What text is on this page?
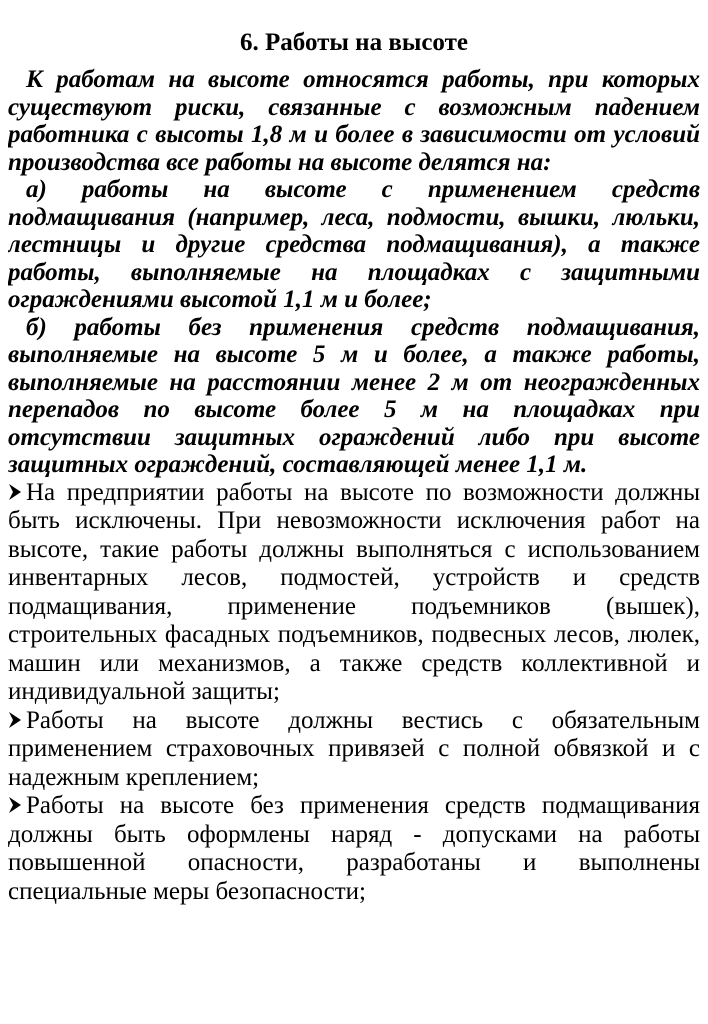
6. Работы на высоте

К работам на высоте относятся работы, при которых существуют риски, связанные с возможным падением работника с высоты 1,8 м и более в зависимости от условий производства все работы на высоте делятся на:

а) работы на высоте с применением средств подмащивания (например, леса, подмости, вышки, люльки, лестницы и другие средства подмащивания), а также работы, выполняемые на площадках с защитными ограждениями высотой 1,1 м и более;

б) работы без применения средств подмащивания, выполняемые на высоте 5 м и более, а также работы, выполняемые на расстоянии менее 2 м от неогражденных перепадов по высоте более 5 м на площадках при отсутствии защитных ограждений либо при высоте защитных ограждений, составляющей менее 1,1 м.

На предприятии работы на высоте по возможности должны быть исключены. При невозможности исключения работ на высоте, такие работы должны выполняться с использованием инвентарных лесов, подмостей, устройств и средств подмащивания, применение подъемников (вышек), строительных фасадных подъемников, подвесных лесов, люлек, машин или механизмов, а также средств коллективной и индивидуальной защиты;

Работы на высоте должны вестись с обязательным применением страховочных привязей с полной обвязкой и с надежным креплением;

Работы на высоте без применения средств подмащивания должны быть оформлены наряд - допусками на работы повышенной опасности, разработаны и выполнены специальные меры безопасности;
